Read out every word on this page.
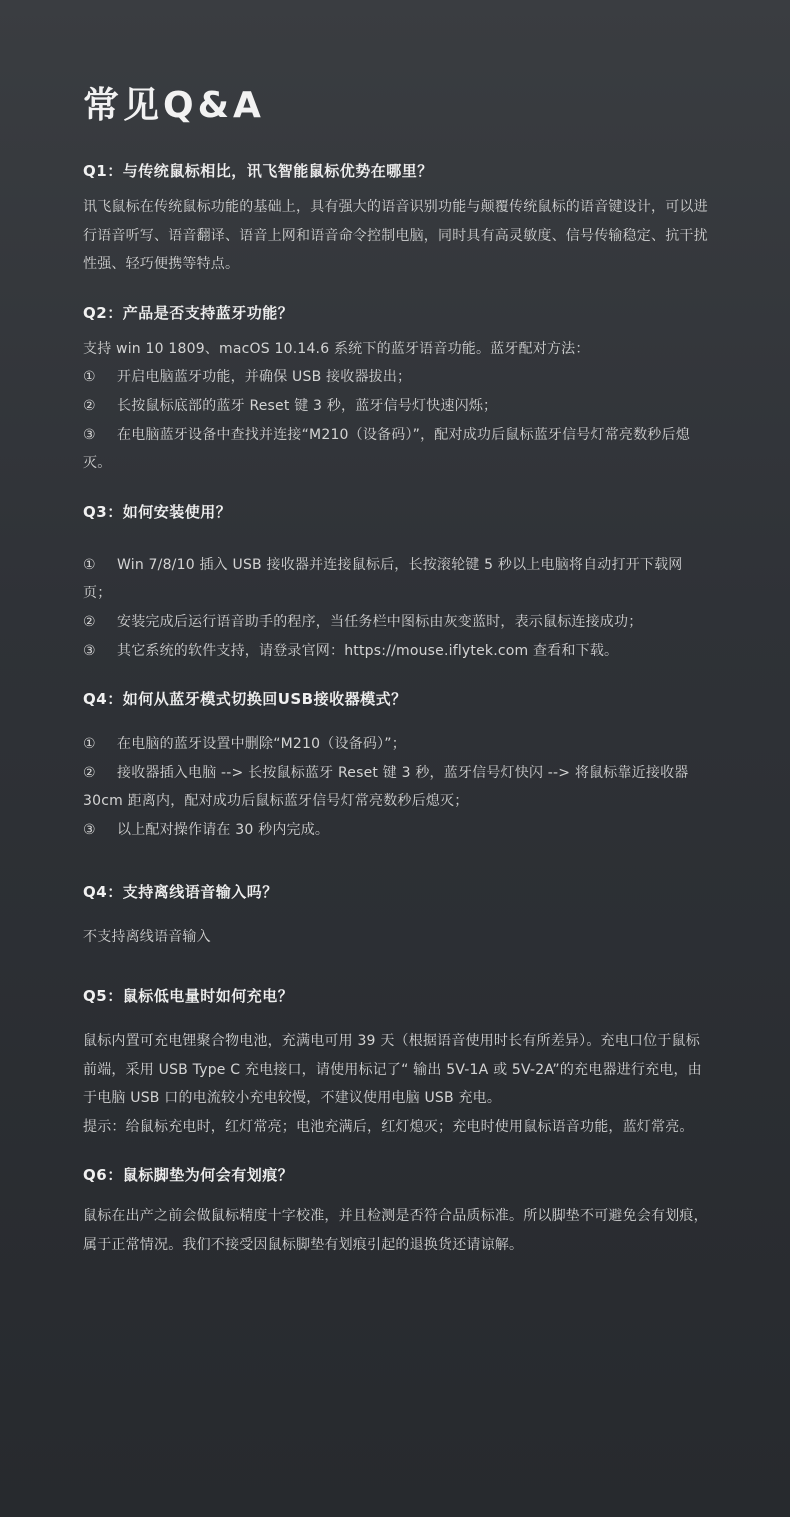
常见Q&A
Q1：与传统鼠标相比，讯飞智能鼠标优势在哪里？

讯飞鼠标在传统鼠标功能的基础上，具有强大的语音识别功能与颠覆传统鼠标的语音键设计，可以进行语音听写、语音翻译、语音上网和语音命令控制电脑，同时具有高灵敏度、信号传输稳定、抗干扰性强、轻巧便携等特点。

Q2：产品是否支持蓝牙功能？

支持 win 10 1809、macOS 10.14.6 系统下的蓝牙语音功能。蓝牙配对方法：

①	开启电脑蓝牙功能，并确保 USB 接收器拔出；
②	长按鼠标底部的蓝牙 Reset 键 3 秒，蓝牙信号灯快速闪烁；

③ 在电脑蓝牙设备中查找并连接“M210（设备码）”，配对成功后鼠标蓝牙信号灯常亮数秒后熄灭。

Q3：如何安装使用？

① Win 7/8/10 插入 USB 接收器并连接鼠标后，长按滚轮键 5 秒以上电脑将自动打开下载网页；

② 安装完成后运行语音助手的程序，当任务栏中图标由灰变蓝时，表示鼠标连接成功；

③ 其它系统的软件支持，请登录官网：https://mouse.iflytek.com 查看和下载。

Q4：如何从蓝牙模式切换回USB接收器模式？

① 在电脑的蓝牙设置中删除“M210（设备码）”；

② 接收器插入电脑 --> 长按鼠标蓝牙 Reset 键 3 秒，蓝牙信号灯快闪 --> 将鼠标靠近接收器 30cm 距离内，配对成功后鼠标蓝牙信号灯常亮数秒后熄灭；

③ 以上配对操作请在 30 秒内完成。

Q4：支持离线语音输入吗？

不支持离线语音输入

Q5：鼠标低电量时如何充电？

鼠标内置可充电锂聚合物电池，充满电可用 39 天（根据语音使用时长有所差异）。充电口位于鼠标前端，采用 USB Type C 充电接口，请使用标记了“ 输出 5V-1A 或 5V-2A”的充电器进行充电，由于电脑 USB 口的电流较小充电较慢，不建议使用电脑 USB 充电。

提示：给鼠标充电时，红灯常亮；电池充满后，红灯熄灭；充电时使用鼠标语音功能，蓝灯常亮。

Q6：鼠标脚垫为何会有划痕？

鼠标在出产之前会做鼠标精度十字校准，并且检测是否符合品质标准。所以脚垫不可避免会有划痕，属于正常情况。我们不接受因鼠标脚垫有划痕引起的退换货还请谅解。
